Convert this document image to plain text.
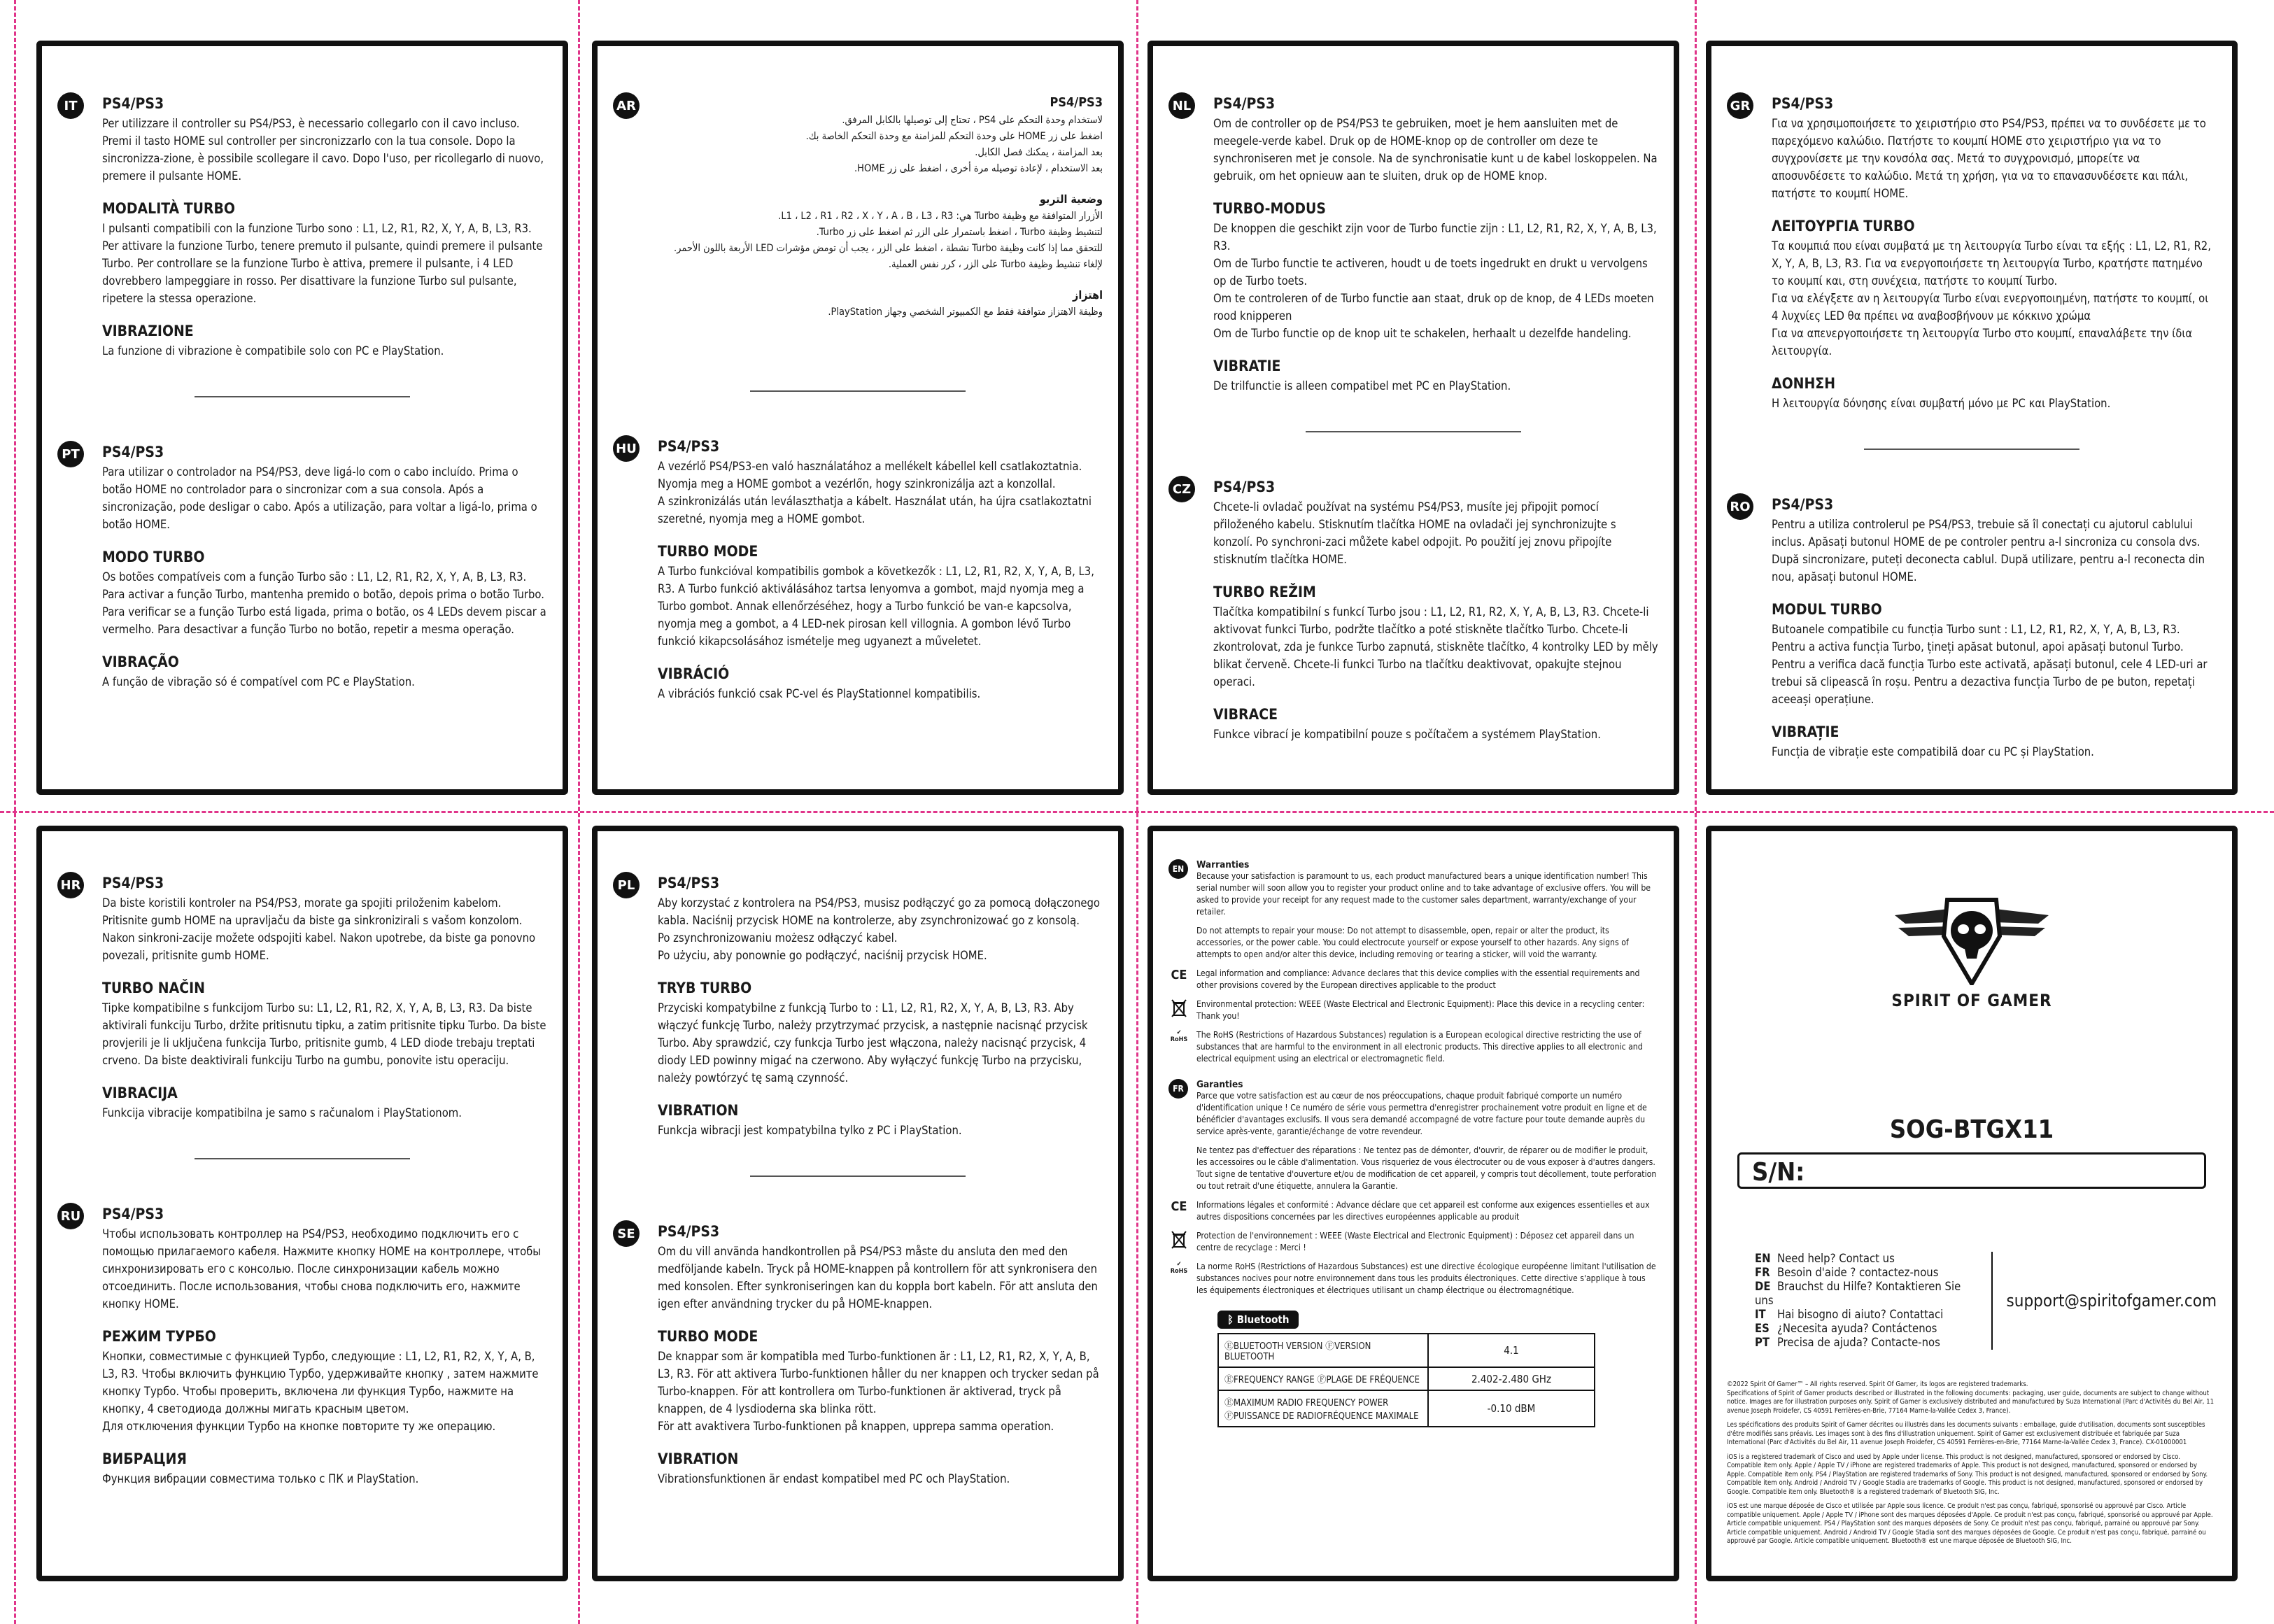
IT	PS4/PS3

Per utilizzare il controller su PS4/PS3, è necessario collegarlo con il cavo incluso. Premi il tasto HOME sul controller per sincronizzarlo con la tua console. Dopo la sincronizza-zione, è possibile scollegare il cavo. Dopo l'uso, per ricollegarlo di nuovo, premere il pulsante HOME.

MODALITÀ TURBO

I pulsanti compatibili con la funzione Turbo sono : L1, L2, R1, R2, X, Y, A, B, L3, R3. Per attivare la funzione Turbo, tenere premuto il pulsante, quindi premere il pulsante Turbo. Per controllare se la funzione Turbo è attiva, premere il pulsante, i 4 LED dovrebbero lampeggiare in rosso. Per disattivare la funzione Turbo sul pulsante, ripetere la stessa operazione.

VIBRAZIONE

La funzione di vibrazione è compatibile solo con PC e PlayStation.

PT PS4/PS3

Para utilizar o controlador na PS4/PS3, deve ligá-lo com o cabo incluído. Prima o botão HOME no controlador para o sincronizar com a sua consola. Após a sincronização, pode desligar o cabo. Após a utilização, para voltar a ligá-lo, prima o botão HOME.

MODO TURBO

Os botões compatíveis com a função Turbo são : L1, L2, R1, R2, X, Y, A, B, L3, R3.
Para activar a função Turbo, mantenha premido o botão, depois prima o botão Turbo.
Para verificar se a função Turbo está ligada, prima o botão, os 4 LEDs devem piscar a vermelho. Para desactivar a função Turbo no botão, repetir a mesma operação.

VIBRAÇÃO

A função de vibração só é compatível com PC e PlayStation.

AR	PS4/PS3

لاستخدام وحدة التحكم على PS4 ، تحتاج إلى توصيلها بالكابل المرفق.
اضغط على زر HOME على وحدة التحكم للمزامنة مع وحدة التحكم الخاصة بك.
بعد المزامنة ، يمكنك فصل الكابل.
بعد الاستخدام ، لإعادة توصيله مرة أخرى ، اضغط على زر HOME.

وضعية التربو

الأزرار المتوافقة مع وظيفة Turbo هي: L1 ، L2 ، R1 ، R2 ، X ، Y ، A ، B ، L3 ، R3.
لتنشيط وظيفة Turbo ، اضغط باستمرار على الزر ثم اضغط على زر Turbo.
للتحقق مما إذا كانت وظيفة Turbo نشطة ، اضغط على الزر ، يجب أن تومض مؤشرات LED الأربعة باللون الأحمر.
لإلغاء تنشيط وظيفة Turbo على الزر ، كرر نفس العملية.

اهتزاز

وظيفة الاهتزاز متوافقة فقط مع الكمبيوتر الشخصي وجهاز PlayStation.

HU PS4/PS3

A vezérlő PS4/PS3-en való használatához a mellékelt kábellel kell csatlakoztatnia. Nyomja meg a HOME gombot a vezérlőn, hogy szinkronizálja azt a konzollal.
A szinkronizálás után leválaszthatja a kábelt. Használat után, ha újra csatlakoztatni szeretné, nyomja meg a HOME gombot.

TURBO MODE

A Turbo funkcióval kompatibilis gombok a következők : L1, L2, R1, R2, X, Y, A, B, L3, R3. A Turbo funkció aktiválásához tartsa lenyomva a gombot, majd nyomja meg a Turbo gombot. Annak ellenőrzéséhez, hogy a Turbo funkció be van-e kapcsolva, nyomja meg a gombot, a 4 LED-nek pirosan kell villognia. A gombon lévő Turbo funkció kikapcsolásához ismételje meg ugyanezt a műveletet.

VIBRÁCIÓ

A vibrációs funkció csak PC-vel és PlayStationnel kompatibilis.

NL PS4/PS3

Om de controller op de PS4/PS3 te gebruiken, moet je hem aansluiten met de meegele-verde kabel. Druk op de HOME-knop op de controller om deze te synchroniseren met je console. Na de synchronisatie kunt u de kabel loskoppelen. Na gebruik, om het opnieuw aan te sluiten, druk op de HOME knop.

TURBO-MODUS

De knoppen die geschikt zijn voor de Turbo functie zijn : L1, L2, R1, R2, X, Y, A, B, L3, R3.
Om de Turbo functie te activeren, houdt u de toets ingedrukt en drukt u vervolgens op de Turbo toets.
Om te controleren of de Turbo functie aan staat, druk op de knop, de 4 LEDs moeten rood knipperen
Om de Turbo functie op de knop uit te schakelen, herhaalt u dezelfde handeling.

VIBRATIE

De trilfunctie is alleen compatibel met PC en PlayStation.

CZ PS4/PS3

Chcete-li ovladač používat na systému PS4/PS3, musíte jej připojit pomocí přiloženého kabelu. Stisknutím tlačítka HOME na ovladači jej synchronizujte s konzolí. Po synchroni-zaci můžete kabel odpojit. Po použití jej znovu připojíte stisknutím tlačítka HOME.

TURBO REŽIM

Tlačítka kompatibilní s funkcí Turbo jsou : L1, L2, R1, R2, X, Y, A, B, L3, R3. Chcete-li aktivovat funkci Turbo, podržte tlačítko a poté stiskněte tlačítko Turbo. Chcete-li zkontrolovat, zda je funkce Turbo zapnutá, stiskněte tlačítko, 4 kontrolky LED by měly blikat červeně. Chcete-li funkci Turbo na tlačítku deaktivovat, opakujte stejnou operaci.

VIBRACE

Funkce vibrací je kompatibilní pouze s počítačem a systémem PlayStation.

GR PS4/PS3

Για να χρησιμοποιήσετε το χειριστήριο στο PS4/PS3, πρέπει να το συνδέσετε με το παρεχόμενο καλώδιο. Πατήστε το κουμπί HOME στο χειριστήριο για να το συγχρονίσετε με την κονσόλα σας. Μετά το συγχρονισμό, μπορείτε να αποσυνδέσετε το καλώδιο. Μετά τη χρήση, για να το επανασυνδέσετε και πάλι, πατήστε το κουμπί HOME.

ΛΕΙΤΟΥΡΓΙΑ TURBO

Τα κουμπιά που είναι συμβατά με τη λειτουργία Turbo είναι τα εξής : L1, L2, R1, R2, X, Y, A, B, L3, R3. Για να ενεργοποιήσετε τη λειτουργία Turbo, κρατήστε πατημένο το κουμπί και, στη συνέχεια, πατήστε το κουμπί Turbo.
Για να ελέγξετε αν η λειτουργία Turbo είναι ενεργοποιημένη, πατήστε το κουμπί, οι 4 λυχνίες LED θα πρέπει να αναβοσβήνουν με κόκκινο χρώμα
Για να απενεργοποιήσετε τη λειτουργία Turbo στο κουμπί, επαναλάβετε την ίδια λειτουργία.

ΔΟΝΗΣΗ

Η λειτουργία δόνησης είναι συμβατή μόνο με PC και PlayStation.

RO PS4/PS3

Pentru a utiliza controlerul pe PS4/PS3, trebuie să îl conectați cu ajutorul cablului inclus. Apăsați butonul HOME de pe controler pentru a-l sincroniza cu consola dvs. După sincronizare, puteți deconecta cablul. După utilizare, pentru a-l reconecta din nou, apăsați butonul HOME.

MODUL TURBO

Butoanele compatibile cu funcția Turbo sunt : L1, L2, R1, R2, X, Y, A, B, L3, R3. Pentru a activa funcția Turbo, țineți apăsat butonul, apoi apăsați butonul Turbo. Pentru a verifica dacă funcția Turbo este activată, apăsați butonul, cele 4 LED-uri ar trebui să clipească în roșu. Pentru a dezactiva funcția Turbo de pe buton, repetați aceeași operațiune.

VIBRAȚIE

Funcția de vibrație este compatibilă doar cu PC și PlayStation.

HR PS4/PS3

Da biste koristili kontroler na PS4/PS3, morate ga spojiti priloženim kabelom. Pritisnite gumb HOME na upravljaču da biste ga sinkronizirali s vašom konzolom. Nakon sinkroni-zacije možete odspojiti kabel. Nakon upotrebe, da biste ga ponovno povezali, pritisnite gumb HOME.

TURBO NAČIN

Tipke kompatibilne s funkcijom Turbo su: L1, L2, R1, R2, X, Y, A, B, L3, R3. Da biste aktivirali funkciju Turbo, držite pritisnutu tipku, a zatim pritisnite tipku Turbo. Da biste provjerili je li uključena funkcija Turbo, pritisnite gumb, 4 LED diode trebaju treptati crveno. Da biste deaktivirali funkciju Turbo na gumbu, ponovite istu operaciju.

VIBRACIJA

Funkcija vibracije kompatibilna je samo s računalom i PlayStationom.

RU PS4/PS3

Чтобы использовать контроллер на PS4/PS3, необходимо подключить его с помощью прилагаемого кабеля. Нажмите кнопку HOME на контроллере, чтобы синхронизировать его с консолью. После синхронизации кабель можно отсоединить. После использования, чтобы снова подключить его, нажмите кнопку HOME.

РЕЖИМ ТУРБО

Кнопки, совместимые с функцией Турбо, следующие : L1, L2, R1, R2, X, Y, A, B, L3, R3. Чтобы включить функцию Турбо, удерживайте кнопку , затем нажмите кнопку Турбо. Чтобы проверить, включена ли функция Турбо, нажмите на кнопку, 4 светодиода должны мигать красным цветом.
Для отключения функции Турбо на кнопке повторите ту же операцию.

ВИБРАЦИЯ

Функция вибрации совместима только с ПК и PlayStation.

PL	PS4/PS3

Aby korzystać z kontrolera na PS4/PS3, musisz podłączyć go za pomocą dołączonego kabla. Naciśnij przycisk HOME na kontrolerze, aby zsynchronizować go z konsolą.
Po zsynchronizowaniu możesz odłączyć kabel.
Po użyciu, aby ponownie go podłączyć, naciśnij przycisk HOME.

TRYB TURBO

Przyciski kompatybilne z funkcją Turbo to : L1, L2, R1, R2, X, Y, A, B, L3, R3. Aby włączyć funkcję Turbo, należy przytrzymać przycisk, a następnie nacisnąć przycisk Turbo. Aby sprawdzić, czy funkcja Turbo jest włączona, należy nacisnąć przycisk, 4 diody LED powinny migać na czerwono. Aby wyłączyć funkcję Turbo na przycisku, należy powtórzyć tę samą czynność.

VIBRATION

Funkcja wibracji jest kompatybilna tylko z PC i PlayStation.

SE	PS4/PS3

Om du vill använda handkontrollen på PS4/PS3 måste du ansluta den med den medföljande kabeln. Tryck på HOME-knappen på kontrollern för att synkronisera den med konsolen. Efter synkroniseringen kan du koppla bort kabeln. För att ansluta den igen efter användning trycker du på HOME-knappen.

TURBO MODE

De knappar som är kompatibla med Turbo-funktionen är : L1, L2, R1, R2, X, Y, A, B, L3, R3. För att aktivera Turbo-funktionen håller du ner knappen och trycker sedan på Turbo-knappen. För att kontrollera om Turbo-funktionen är aktiverad, tryck på knappen, de 4 lysdioderna ska blinka rött.
För att avaktivera Turbo-funktionen på knappen, upprepa samma operation.

VIBRATION

Vibrationsfunktionen är endast kompatibel med PC och PlayStation.

EN	Warranties

Because your satisfaction is paramount to us, each product manufactured bears a unique identification number! This serial number will soon allow you to register your product online and to take advantage of exclusive offers. You will be asked to provide your receipt for any request made to the customer sales department, warranty/exchange of your retailer.

Do not attempts to repair your mouse: Do not attempt to disassemble, open, repair or alter the product, its accessories, or the power cable. You could electrocute yourself or expose yourself to other hazards. Any signs of attempts to open and/or alter this device, including removing or tearing a sticker, will void the warranty.

CE Legal information and compliance: Advance declares that this device complies with the essential requirements and other provisions covered by the European directives applicable to the product

Environmental protection: WEEE (Waste Electrical and Electronic Equipment): Place this device in a recycling center: Thank you!

✔
RoHS The RoHS (Restrictions of Hazardous Substances) regulation is a European ecological directive restricting the use of substances that are harmful to the environment in all electronic products. This directive applies to all electronic and electrical equipment using an electrical or electromagnetic field.

FR	Garanties

Parce que votre satisfaction est au cœur de nos préoccupations, chaque produit fabriqué comporte un numéro d'identification unique ! Ce numéro de série vous permettra d'enregistrer prochainement votre produit en ligne et de bénéficier d'avantages exclusifs. Il vous sera demandé accompagné de votre facture pour toute demande auprès du service après-vente, garantie/échange de votre revendeur.

Ne tentez pas d'effectuer des réparations : Ne tentez pas de démonter, d'ouvrir, de réparer ou de modifier le produit, les accessoires ou le câble d'alimentation. Vous risqueriez de vous électrocuter ou de vous exposer à d'autres dangers. Tout signe de tentative d'ouverture et/ou de modification de cet appareil, y compris tout décollement, toute perforation ou tout retrait d'une étiquette, annulera la Garantie.

CE Informations légales et conformité : Advance déclare que cet appareil est conforme aux exigences essentielles et aux autres dispositions concernées par les directives européennes applicable au produit

Protection de l'environnement : WEEE (Waste Electrical and Electronic Equipment) : Déposez cet appareil dans un centre de recyclage : Merci !

✔
RoHS La norme RoHS (Restrictions of Hazardous Substances) est une directive écologique européenne limitant l'utilisation de substances nocives pour notre environnement dans tous les produits électroniques. Cette directive s'applique à tous les équipements électroniques et électriques utilisant un champ électrique ou électromagnétique.

ᛒ Bluetooth
ⒺBLUETOOTH VERSION ⒻVERSION BLUETOOTH	4.1
ⒺFREQUENCY RANGE ⒻPLAGE DE FRÉQUENCE	2.402-2.480 GHz
ⒺMAXIMUM RADIO FREQUENCY POWER
ⒻPUISSANCE DE RADIOFRÉQUENCE MAXIMALE	-0.10 dBM

SPIRIT OF GAMER

SOG-BTGX11

S/N:
EN Need help? Contact us
FR Besoin d'aide ? contactez-nous
DE Brauchst du Hilfe? Kontaktieren Sie uns
IT Hai bisogno di aiuto? Contattaci
ES ¿Necesita ayuda? Contáctenos
PT Precisa de ajuda? Contacte-nos
support@spiritofgamer.com

©2022 Spirit Of Gamer™ – All rights reserved. Spirit Of Gamer, its logos are registered trademarks.
Specifications of Spirit of Gamer products described or illustrated in the following documents: packaging, user guide, documents are subject to change without notice. Images are for illustration purposes only. Spirit of Gamer is exclusively distributed and manufactured by Suza International (Parc d'Activités du Bel Air, 11 avenue Joseph Froidefer, CS 40591 Ferrières-en-Brie, 77164 Marne-la-Vallée Cedex 3, France).

Les spécifications des produits Spirit of Gamer décrites ou illustrés dans les documents suivants : emballage, guide d'utilisation, documents sont susceptibles d'être modifiés sans préavis. Les images sont à des fins d'illustration uniquement. Spirit of Gamer est exclusivement distribuée et fabriquée par Suza International (Parc d'Activités du Bel Air, 11 avenue Joseph Froidefer, CS 40591 Ferrières-en-Brie, 77164 Marne-la-Vallée Cedex 3, France). CX-01000001

iOS is a registered trademark of Cisco and used by Apple under license. This product is not designed, manufactured, sponsored or endorsed by Cisco. Compatible item only. Apple / Apple TV / iPhone are registered trademarks of Apple. This product is not designed, manufactured, sponsored or endorsed by Apple. Compatible item only. PS4 / PlayStation are registered trademarks of Sony. This product is not designed, manufactured, sponsored or endorsed by Sony. Compatible item only. Android / Android TV / Google Stadia are trademarks of Google. This product is not designed, manufactured, sponsored or endorsed by Google. Compatible item only. Bluetooth® is a registered trademark of Bluetooth SIG, Inc.

iOS est une marque déposée de Cisco et utilisée par Apple sous licence. Ce produit n'est pas conçu, fabriqué, sponsorisé ou approuvé par Cisco. Article compatible uniquement. Apple / Apple TV / iPhone sont des marques déposées d'Apple. Ce produit n'est pas conçu, fabriqué, sponsorisé ou approuvé par Apple. Article compatible uniquement. PS4 / PlayStation sont des marques déposées de Sony. Ce produit n'est pas conçu, fabriqué, parrainé ou approuvé par Sony. Article compatible uniquement. Android / Android TV / Google Stadia sont des marques déposées de Google. Ce produit n'est pas conçu, fabriqué, parrainé ou approuvé par Google. Article compatible uniquement. Bluetooth® est une marque déposée de Bluetooth SIG, Inc.
